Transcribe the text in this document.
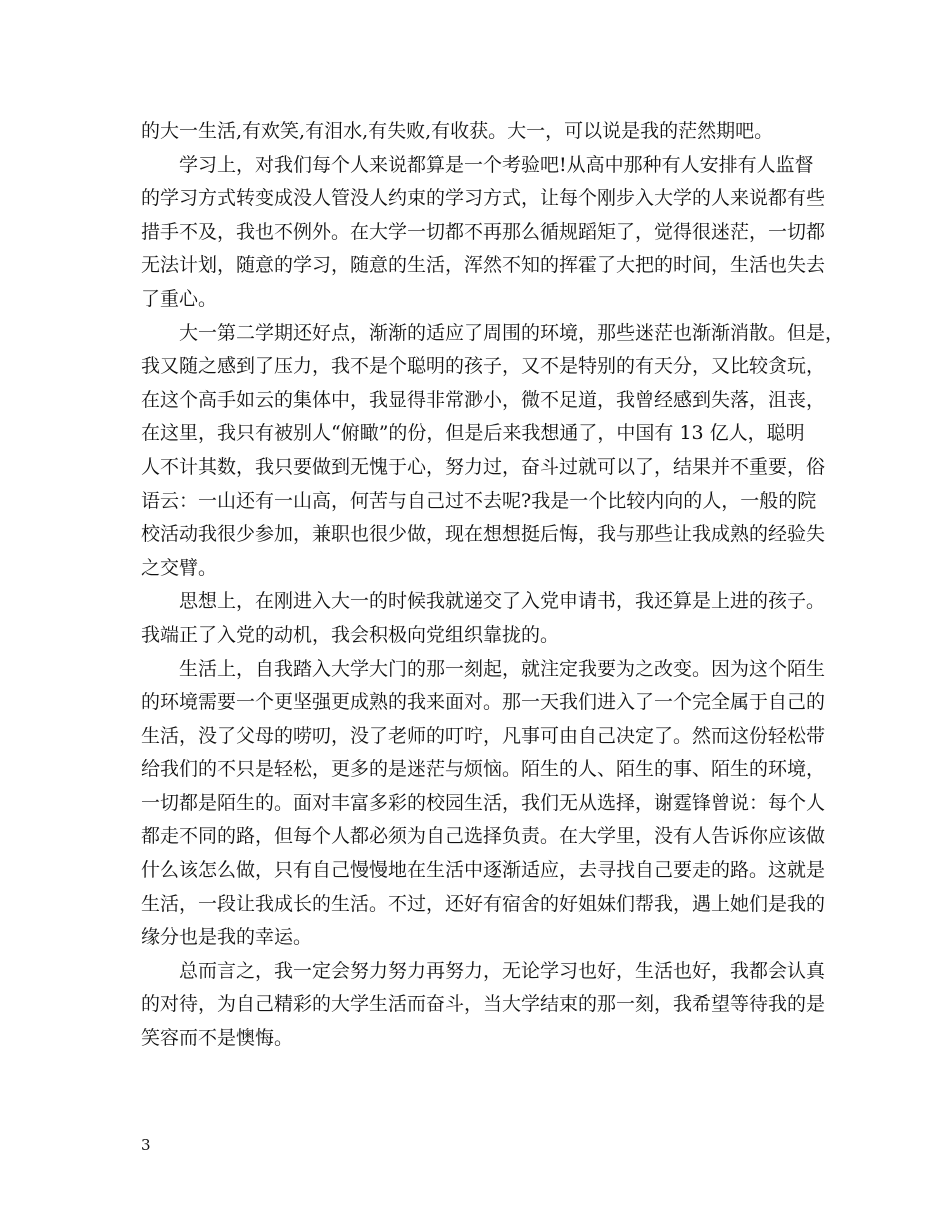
的大一生活,有欢笑,有泪水,有失败,有收获。大一，可以说是我的茫然期吧。
学习上，对我们每个人来说都算是一个考验吧!从高中那种有人安排有人监督
的学习方式转变成没人管没人约束的学习方式，让每个刚步入大学的人来说都有些
措手不及，我也不例外。在大学一切都不再那么循规蹈矩了，觉得很迷茫，一切都
无法计划，随意的学习，随意的生活，浑然不知的挥霍了大把的时间，生活也失去
了重心。
大一第二学期还好点，渐渐的适应了周围的环境，那些迷茫也渐渐消散。但是，
我又随之感到了压力，我不是个聪明的孩子，又不是特别的有天分，又比较贪玩，
在这个高手如云的集体中，我显得非常渺小，微不足道，我曾经感到失落，沮丧，
在这里，我只有被别人“俯瞰”的份，但是后来我想通了，中国有 13 亿人，聪明
人不计其数，我只要做到无愧于心，努力过，奋斗过就可以了，结果并不重要，俗
语云：一山还有一山高，何苦与自己过不去呢?我是一个比较内向的人，一般的院
校活动我很少参加，兼职也很少做，现在想想挺后悔，我与那些让我成熟的经验失
之交臂。
思想上，在刚进入大一的时候我就递交了入党申请书，我还算是上进的孩子。
我端正了入党的动机，我会积极向党组织靠拢的。
生活上，自我踏入大学大门的那一刻起，就注定我要为之改变。因为这个陌生
的环境需要一个更坚强更成熟的我来面对。那一天我们进入了一个完全属于自己的
生活，没了父母的唠叨，没了老师的叮咛，凡事可由自己决定了。然而这份轻松带
给我们的不只是轻松，更多的是迷茫与烦恼。陌生的人、陌生的事、陌生的环境，
一切都是陌生的。面对丰富多彩的校园生活，我们无从选择，谢霆锋曾说：每个人
都走不同的路，但每个人都必须为自己选择负责。在大学里，没有人告诉你应该做
什么该怎么做，只有自己慢慢地在生活中逐渐适应，去寻找自己要走的路。这就是
生活，一段让我成长的生活。不过，还好有宿舍的好姐妹们帮我，遇上她们是我的
缘分也是我的幸运。
总而言之，我一定会努力努力再努力，无论学习也好，生活也好，我都会认真
的对待，为自己精彩的大学生活而奋斗，当大学结束的那一刻，我希望等待我的是
笑容而不是懊悔。
3
